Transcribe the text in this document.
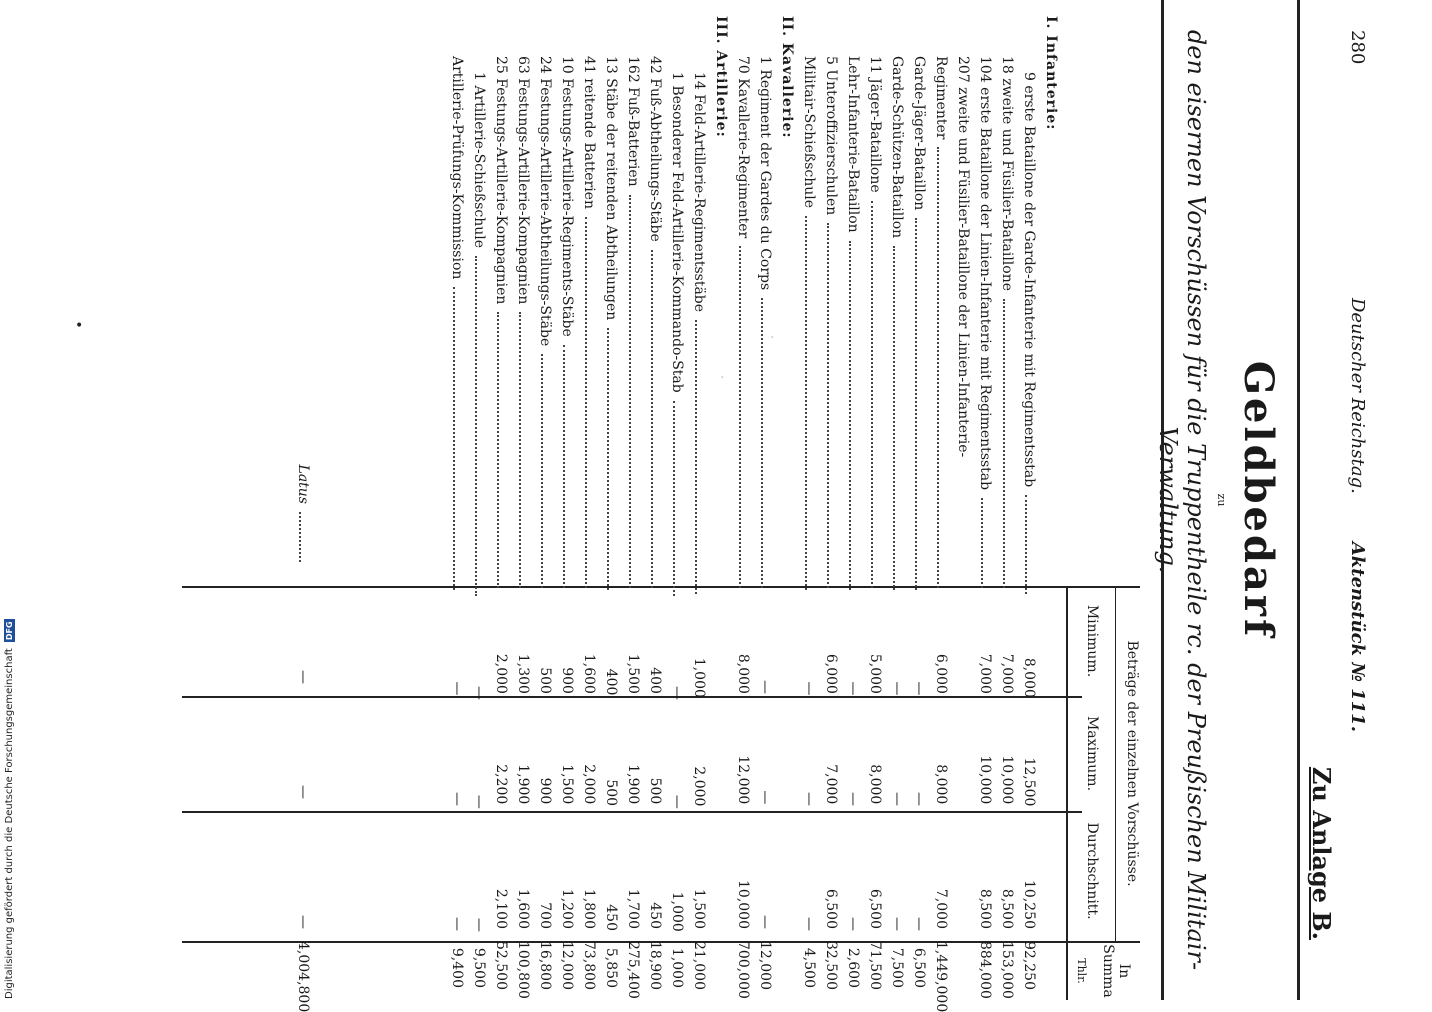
·
·
•
Digitalisierung gefördert durch die Deutsche Forschungsgemeinschaft
DFG
280
Deutscher Reichstag.
Aktenstück № 111.
Zu Anlage B.
Geldbedarf
zu
den eisernen Vorschüssen für die Truppentheile rc. der Preußischen Militair-Verwaltung.
Beträge der einzelnen Vorschüsse.
Minimum.
Maximum.
Durchschnitt.
In Summa
Thlr.
I. Infanterie:
9 erste Bataillone der Garde-Infanterie mit Regimentsstab
8,000
12,500
10,250
92,250
18 zweite und Füsilier-Bataillone
7,000
10,000
8,500
153,000
104 erste Bataillone der Linien-Infanterie mit Regimentsstab
7,000
10,000
8,500
884,000
207 zweite und Füsilier-Bataillone der Linien-Infanterie-
Regimenter
6,000
8,000
7,000
1,449,000
Garde-Jäger-Bataillon
—
—
—
6,500
Garde-Schützen-Bataillon
—
—
—
7,500
11 Jäger-Bataillone
5,000
8,000
6,500
71,500
Lehr-Infanterie-Bataillon
—
—
—
2,600
5 Unteroffizierschulen
6,000
7,000
6,500
32,500
Militair-Schießschule
—
—
—
4,500
II. Kavallerie:
1 Regiment der Gardes du Corps
—
—
—
12,000
70 Kavallerie-Regimenter
8,000
12,000
10,000
700,000
III. Artillerie:
14 Feld-Artillerie-Regimentsstäbe
1,000
2,000
1,500
21,000
1 Besonderer Feld-Artillerie-Kommando-Stab
—
—
1,000
1,000
42 Fuß-Abtheilungs-Stäbe
400
500
450
18,900
162 Fuß-Batterien
1,500
1,900
1,700
275,400
13 Stäbe der reitenden Abtheilungen
400
500
450
5,850
41 reitende Batterien
1,600
2,000
1,800
73,800
10 Festungs-Artillerie-Regiments-Stäbe
900
1,500
1,200
12,000
24 Festungs-Artillerie-Abtheilungs-Stäbe
500
900
700
16,800
63 Festungs-Artillerie-Kompagnien
1,300
1,900
1,600
100,800
25 Festungs-Artillerie-Kompagnien
2,000
2,200
2,100
52,500
1 Artillerie-Schießschule
—
—
—
9,500
Artillerie-Prüfungs-Kommission
—
—
—
9,400
Latus
—
—
—
4,004,800
